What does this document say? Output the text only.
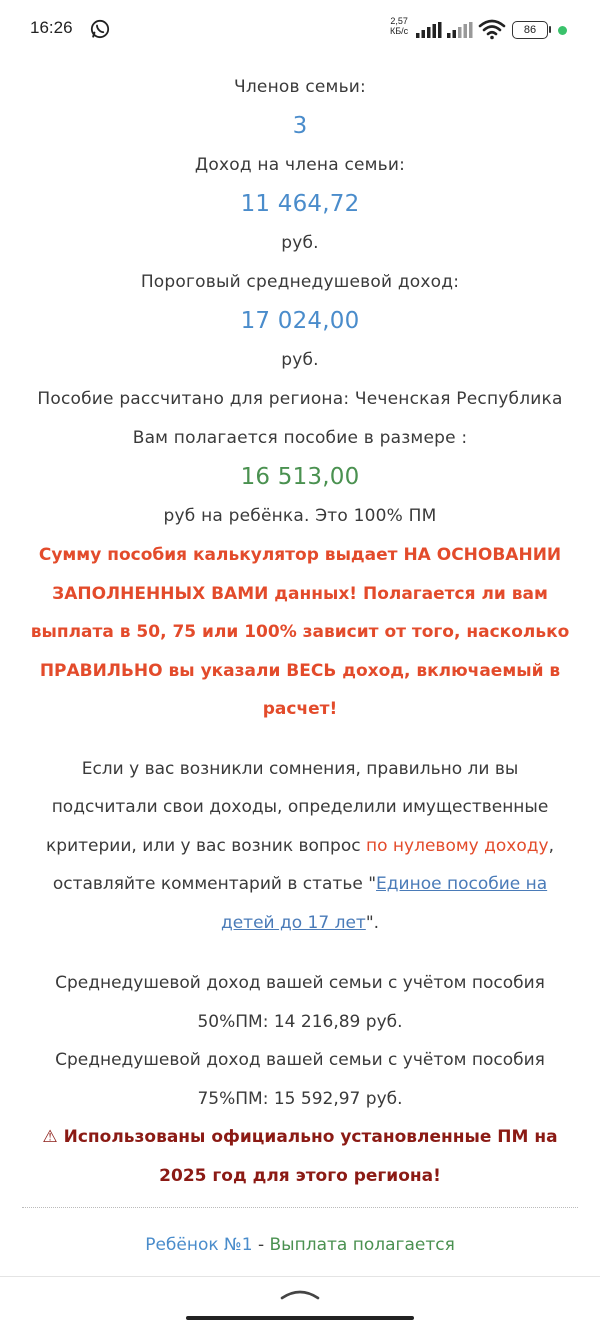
16:26	2,57
КБ/с	86
Членов семьи:
3
Доход на члена семьи:
11 464,72
руб.
Пороговый среднедушевой доход:
17 024,00
руб.
Пособие рассчитано для региона: Чеченская Республика
Вам полагается пособие в размере :
16 513,00
руб на ребёнка. Это 100% ПМ
Сумму пособия калькулятор выдает НА ОСНОВАНИИ ЗАПОЛНЕННЫХ ВАМИ данных! Полагается ли вам выплата в 50, 75 или 100% зависит от того, насколько ПРАВИЛЬНО вы указали ВЕСЬ доход, включаемый в расчет!
Если у вас возникли сомнения, правильно ли вы подсчитали свои доходы, определили имущественные критерии, или у вас возник вопрос по нулевому доходу, оставляйте комментарий в статье "Единое пособие на детей до 17 лет".
Среднедушевой доход вашей семьи с учётом пособия 50%ПМ: 14 216,89 руб.
Среднедушевой доход вашей семьи с учётом пособия 75%ПМ: 15 592,97 руб.
⚠ Использованы официально установленные ПМ на 2025 год для этого региона!
Ребёнок №1 - Выплата полагается
